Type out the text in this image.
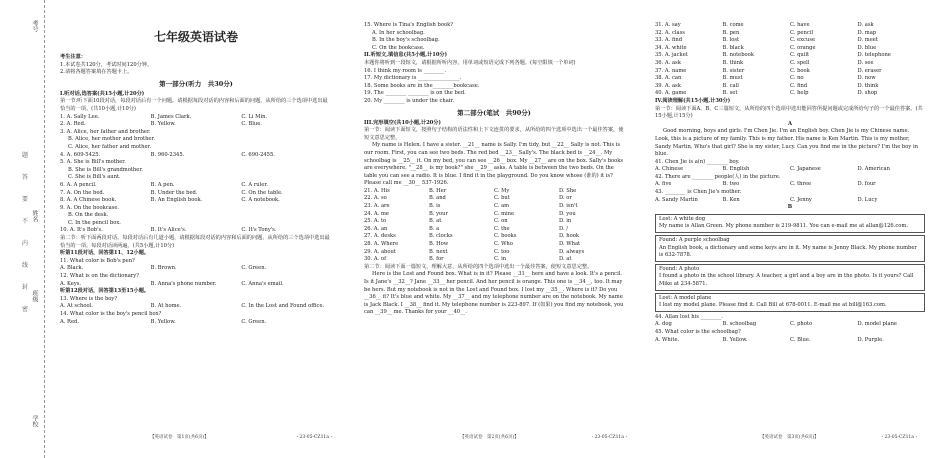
考号
姓名
班级
学校
题
答
要
不
内
线
封
密
七年级英语试卷

考生注意：

1.本试卷共120分，考试时间120分钟。

2.请将各题答案填在答题卡上。

第一部分(听力　共30分)

I.听对话,选答案(共15小题,计20分)

第一节:听下面10段对话，每段对话后有一个问题。请根据每段对话的内容和后面的问题，从所给的三个选项中选出最恰当的一项。(共10小题,计10分)

1. A. Sally Lee.	B. James Clark.	C. Li Min.
2. A. Red.	B. Yellow.	C. Blue.

3. A. Alice, her father and brother.

B. Alice, her mother and brother.

C. Alice, her father and mother.

4. A. 609-5425.	B. 960-2345.	C. 690-2455.

5. A. She is Bill's mother.

B. She is Bill's grandmother.

C. She is Bill's aunt.

6. A. A pencil.	B. A pen.	C. A ruler.
7. A. On the bed.	B. Under the bed.	C. On the table.
8. A. A Chinese book.	B. An English book.	C. A notebook.

9. A. On the bookcase.

B. On the desk.

C. In the pencil box.

10. A. It's Bob's.	B. It's Alice's.	C. It's Tony's.

第二节：听下面两段对话，每段对话后有几道小题，请根据每段对话的内容和后面的问题，从所给的三个选项中选出最恰当的一项。每段对话读两遍。(共5小题,计10分)

听第11段对话，回答第11、12小题。

11. What color is Bob's pen?

A. Black.	B. Brown.	C. Green.

12. What is on the dictionary?

A. Keys.	B. Anna's phone number.	C. Anna's email.

听第12段对话，回答第13至15小题。

13. Where is the boy?

A. At school.	B. At home.	C. In the Lost and Found office.

14. What color is the boy's pencil box?

A. Red.	B. Yellow.	C. Green.
【英语试卷　第1页(共6页)】	・23-05-CZ11a・

15. Where is Tina's English book?

A. In her schoolbag.

B. In the boy's schoolbag.

C. On the bookcase.

II.听短文,填信息(共5小题,计10分)

本题你将听到一段短文，请根据所听内容，用单词或短语完成下列各题。(每空限填一个单词)

16. I think my room is ________.

17. My dictionary is ________________.

18. Some books are in the________bookcase.

19. The ________ ________ is on the bed.

20. My ________ is under the chair.

第二部分(笔试　共90分)

III.完形填空(共10小题,计20分)

第一节：阅读下面短文，按照句子结构的语法性和上下文连贯的要求，从所给的四个选项中选出一个最佳答案，使短文意思完整。

My name is Helen. I have a sister. __21__ name is Sally. I'm tidy, but __22__ Sally is not. This is our room. First, you can see two beds. The red bed __23__ Sally's. The black bed is __24__. My schoolbag is __25__ it. On my bed, you can see __26__ box. My __27__ are on the box. Sally's books are everywhere. "__28__ is my book?" she __29__ asks. A table is between the two beds. On the table you can see a radio. It is blue. I find it in the playground. Do you know whose (谁的) it is? Please call me __30__ 537-1926.

21. A. His	B. Her	C. My	D. She
22. A. so	B. and	C. but	D. or
23. A. are	B. is	C. am	D. isn't
24. A. me	B. your	C. mine	D. you
25. A. to	B. at	C. on	D. in
26. A. an	B. a	C. the	D. /
27. A. desks	B. clocks	C. books	D. hook
28. A. Where	B. How	C. Who	D. What
29. A. about	B. next	C. too	D. always
30. A. of	B. for	C. in	D. at

第二节：阅读下面一篇短文，理解大意，从所给的四个选项中选出一个最佳答案，使短文意思完整。

Here is the Lost and Found box. What is in it? Please __31__ here and have a look. It's a pencil. Is it Jane's __32__? Jane __33__ her pencil. And her pencil is orange. This one is __34__, too. It may be hers. But my notebook is not in the Lost and Found box. I lost my __35__. Where is it? Do you __36__ it? It's blue and white. My __37__ and my telephone number are on the notebook. My name is Jack Black. I __38__ find it. My telephone number is 223-897. If (如果) you find my notebook, you can __39__ me. Thanks for your __40__.

【英语试卷　第2页(共6页)】	・23-05-CZ11a・
31. A. say	B. come	C. have	D. ask
32. A. class	B. pen	C. pencil	D. map
33. A. find	B. lost	C. excuse	D. meet
34. A. white	B. black	C. orange	D. blue
35. A. jacket	B. notebook	C. quilt	D. telephone
36. A. ask	B. think	C. spell	D. see
37. A. name	B. sister	C. book	D. eraser
38. A. can	B. must	C. no	D. now
39. A. ask	B. call	C. find	D. think
40. A. game	B. set	C. help	D. shop

IV.阅读理解(共15小题,计30分)

第一节：阅读下面A、B、C三篇短文，从所给的四个选项中选出能回答所提问题或完成所给句子的一个最佳答案。(共15小题,计15分)

A

Good morning, boys and girls. I'm Chen Jie. I'm an English boy. Chen Jie is my Chinese name. Look, this is a picture of my family. This is my father. His name is Ken Martin. This is my mother, Sandy Martin. Who's that girl? She is my sister, Lucy. Can you find me in the picture? I'm the boy in blue.

41. Chen Jie is a(n) ________ boy.

A. Chinese	B. English	C. Japanese	D. American

42. There are ________ people(人) in the picture.

A. five	B. two	C. three	D. four

43. ________ is Chen Jie's mother.

A. Sandy Martin	B. Ken	C. Jenny	D. Lucy

B

Lost: A white dog

My name is Allan Green. My phone number is 219-9811. You can e-mail me at allan@126.com.

Found: A purple schoolbag

An English book, a dictionary and some keys are in it. My name is Jenny Black. My phone number is 632-7878.

Found: A photo

I found a photo in the school library. A teacher, a girl and a boy are in the photo. Is it yours? Call Mike at 234-5871.

Lost: A model plane

I lost my model plane. Please find it. Call Bill at 678-0011. E-mail me at bill@163.com.

44. Allan lost his ________.

A. dog	B. schoolbag	C. photo	D. model plane

45. What color is the schoolbag?

A. White.	B. Yellow.	C. Blue.	D. Purple.
【英语试卷　第3页(共6页)】	・23-05-CZ11a・
